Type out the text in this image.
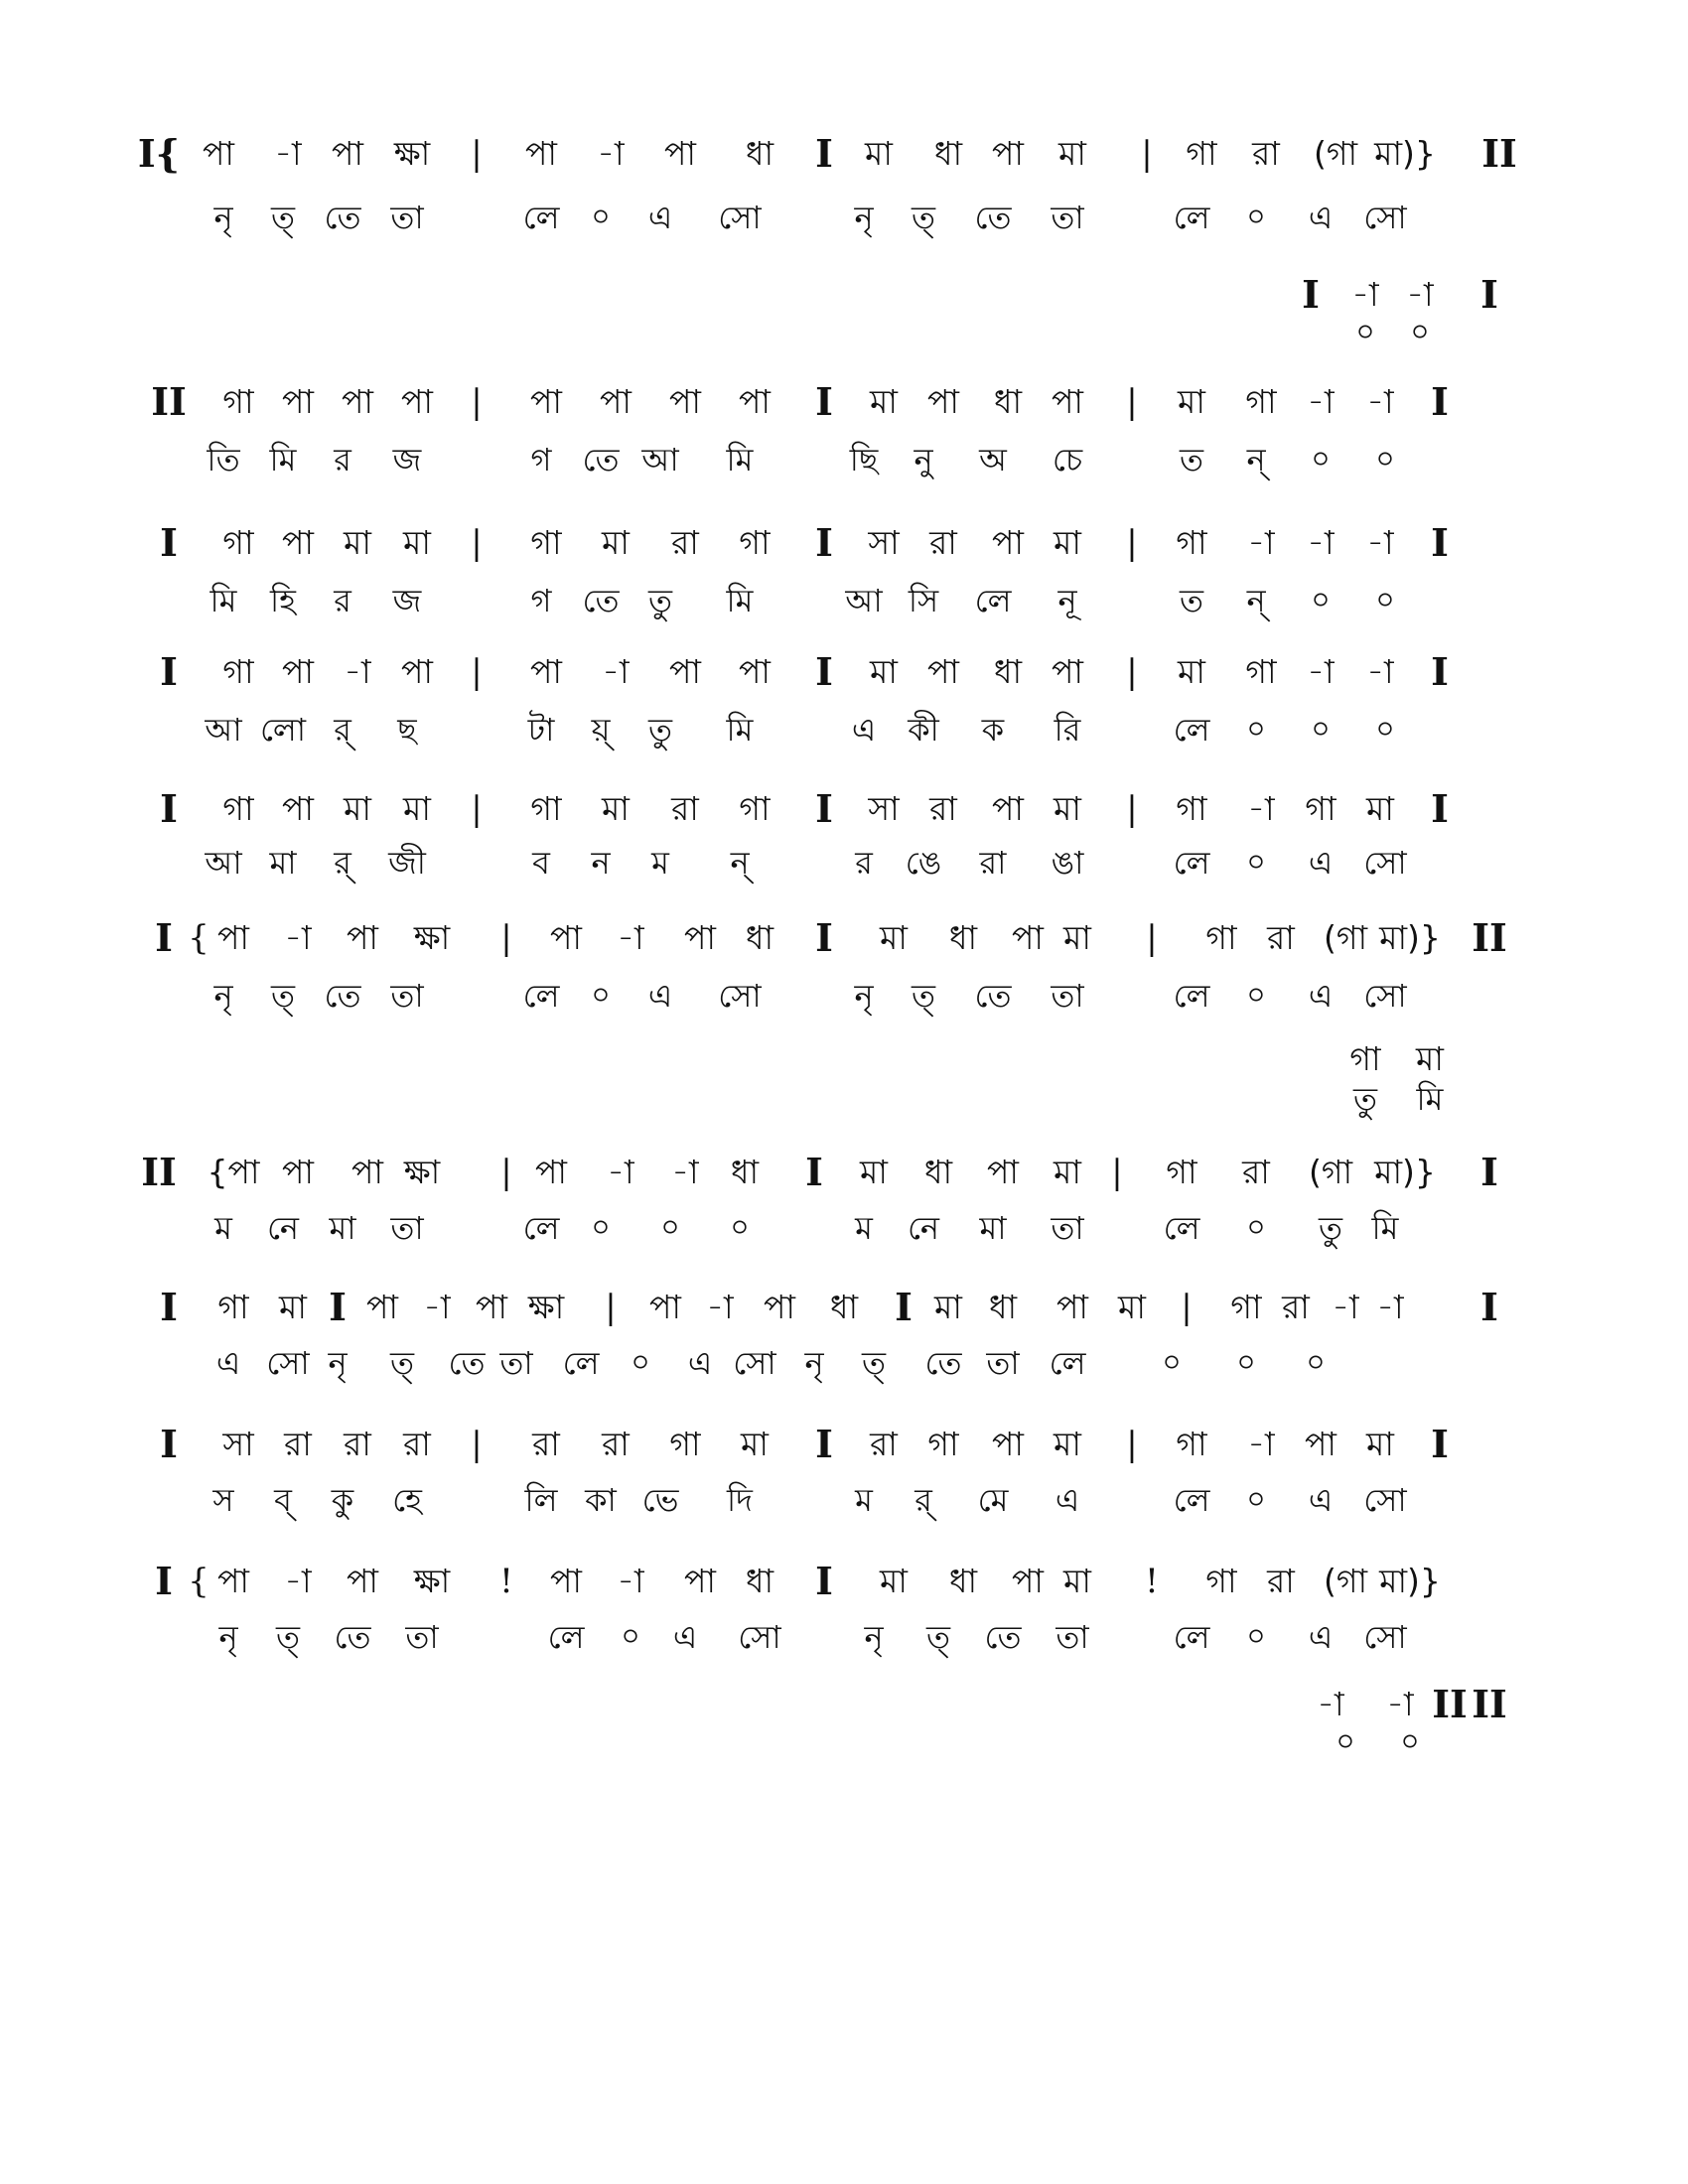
I{ পা -া পা ক্ষা | পা -া পা ধা I মা ধা পা মা | গা রা (গা মা)} II
নৃ ত্ তে তা	লে ০ এ সো	নৃ ত্ তে তা	লে ০ এ সো
I -া -া I
০ ০
II গা পা পা পা | পা পা পা পা I মা পা ধা পা | মা গা -া -া I
তি মি র জ	গ তে আ মি	ছি নু অ চে	ত ন্ ০ ০
I গা পা মা মা | গা মা রা গা I সা রা পা মা | গা -া -া -া I
মি হি র জ	গ তে তু মি	আ সি লে নূ	ত ন্ ০ ০
I গা পা -া পা | পা -া পা পা I মা পা ধা পা | মা গা -া -া I
আ লো র্ ছ	টা য়্ তু মি	এ কী ক রি	লে ০ ০ ০
I গা পা মা মা | গা মা রা গা I সা রা পা মা | গা -া গা মা I
আ মা র্ জী	ব ন ম ন্	র ঙে রা ঙা	লে ০ এ সো
I { পা -া পা ক্ষা | পা -া পা ধা I মা ধা পা মা | গা রা (গা মা)} II
নৃ ত্ তে তা	লে ০ এ সো	নৃ ত্ তে তা	লে ০ এ সো
গা মা
তু মি
II {পা পা পা ক্ষা | পা -া -া ধা I মা ধা পা মা | গা রা (গা মা)} I
ম নে মা তা	লে ০ ০ ০	ম নে মা তা লে ০ তু মি
I গা মা I পা -া পা ক্ষা | পা -া পা ধা I মা ধা পা মা | গা রা -া -া I
এ সো নৃ ত্ তে তা লে ০ এ সো নৃ ত্ তে তা লে	০ ০ ০
I সা রা রা রা | রা রা গা মা I রা গা পা মা | গা -া পা মা I
স ব্ কু হে	লি কা ভে দি	ম র্ মে এ	লে ০ এ সো
I { পা -া পা ক্ষা ! পা -া পা ধা I মা ধা পা মা ! গা রা (গা মা)}
নৃ ত্ তে তা	লে ০ এ সো	নৃ ত্ তে তা	লে ০ এ সো
-া -া II II
০ ০
